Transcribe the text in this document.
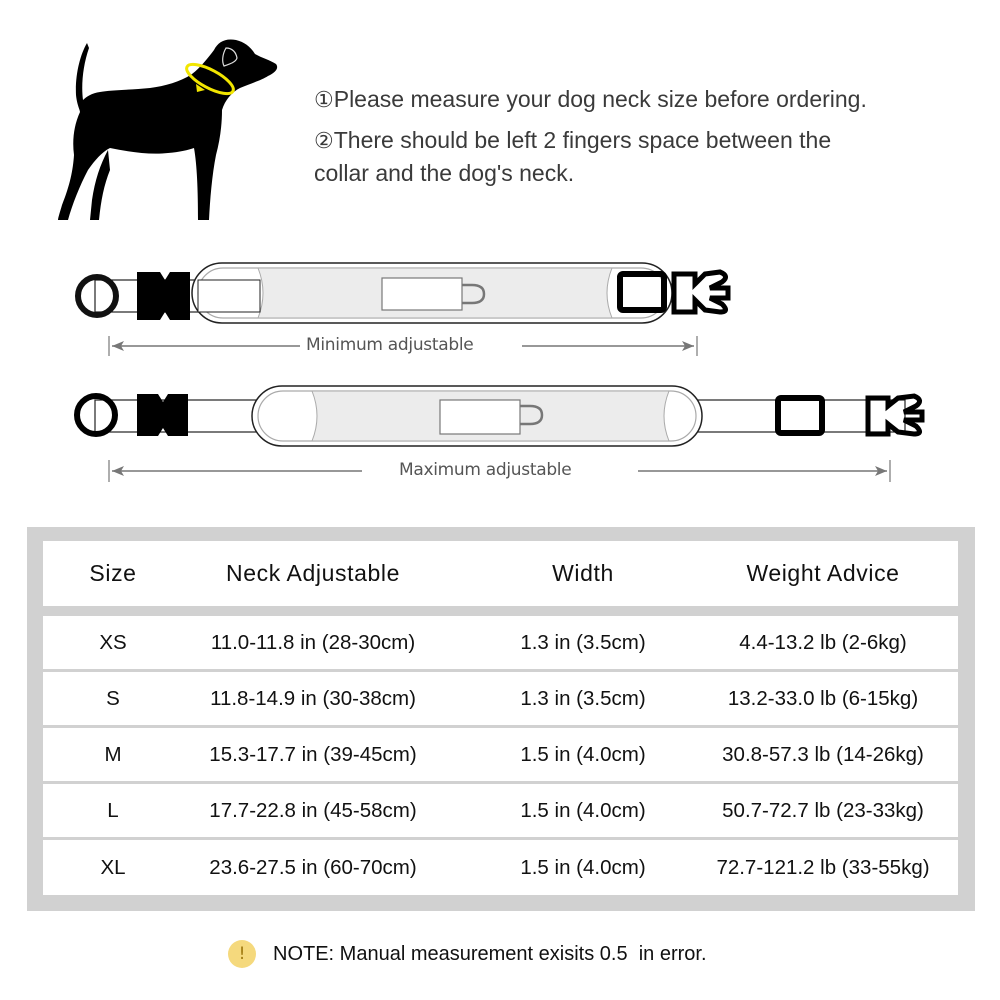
①Please measure your dog neck size before ordering.
②There should be left 2 fingers space between the
collar and the dog's neck.
Minimum adjustable
Maximum adjustable
Size	Neck Adjustable	Width	Weight Advice
XS	11.0-11.8 in (28-30cm)	1.3 in (3.5cm)	4.4-13.2 lb (2-6kg)
S	11.8-14.9 in (30-38cm)	1.3 in (3.5cm)	13.2-33.0 lb (6-15kg)
M	15.3-17.7 in (39-45cm)	1.5 in (4.0cm)	30.8-57.3 lb (14-26kg)
L	17.7-22.8 in (45-58cm)	1.5 in (4.0cm)	50.7-72.7 lb (23-33kg)
XL	23.6-27.5 in (60-70cm)	1.5 in (4.0cm)	72.7-121.2 lb (33-55kg)
!	NOTE: Manual measurement exisits 0.5  in error.
